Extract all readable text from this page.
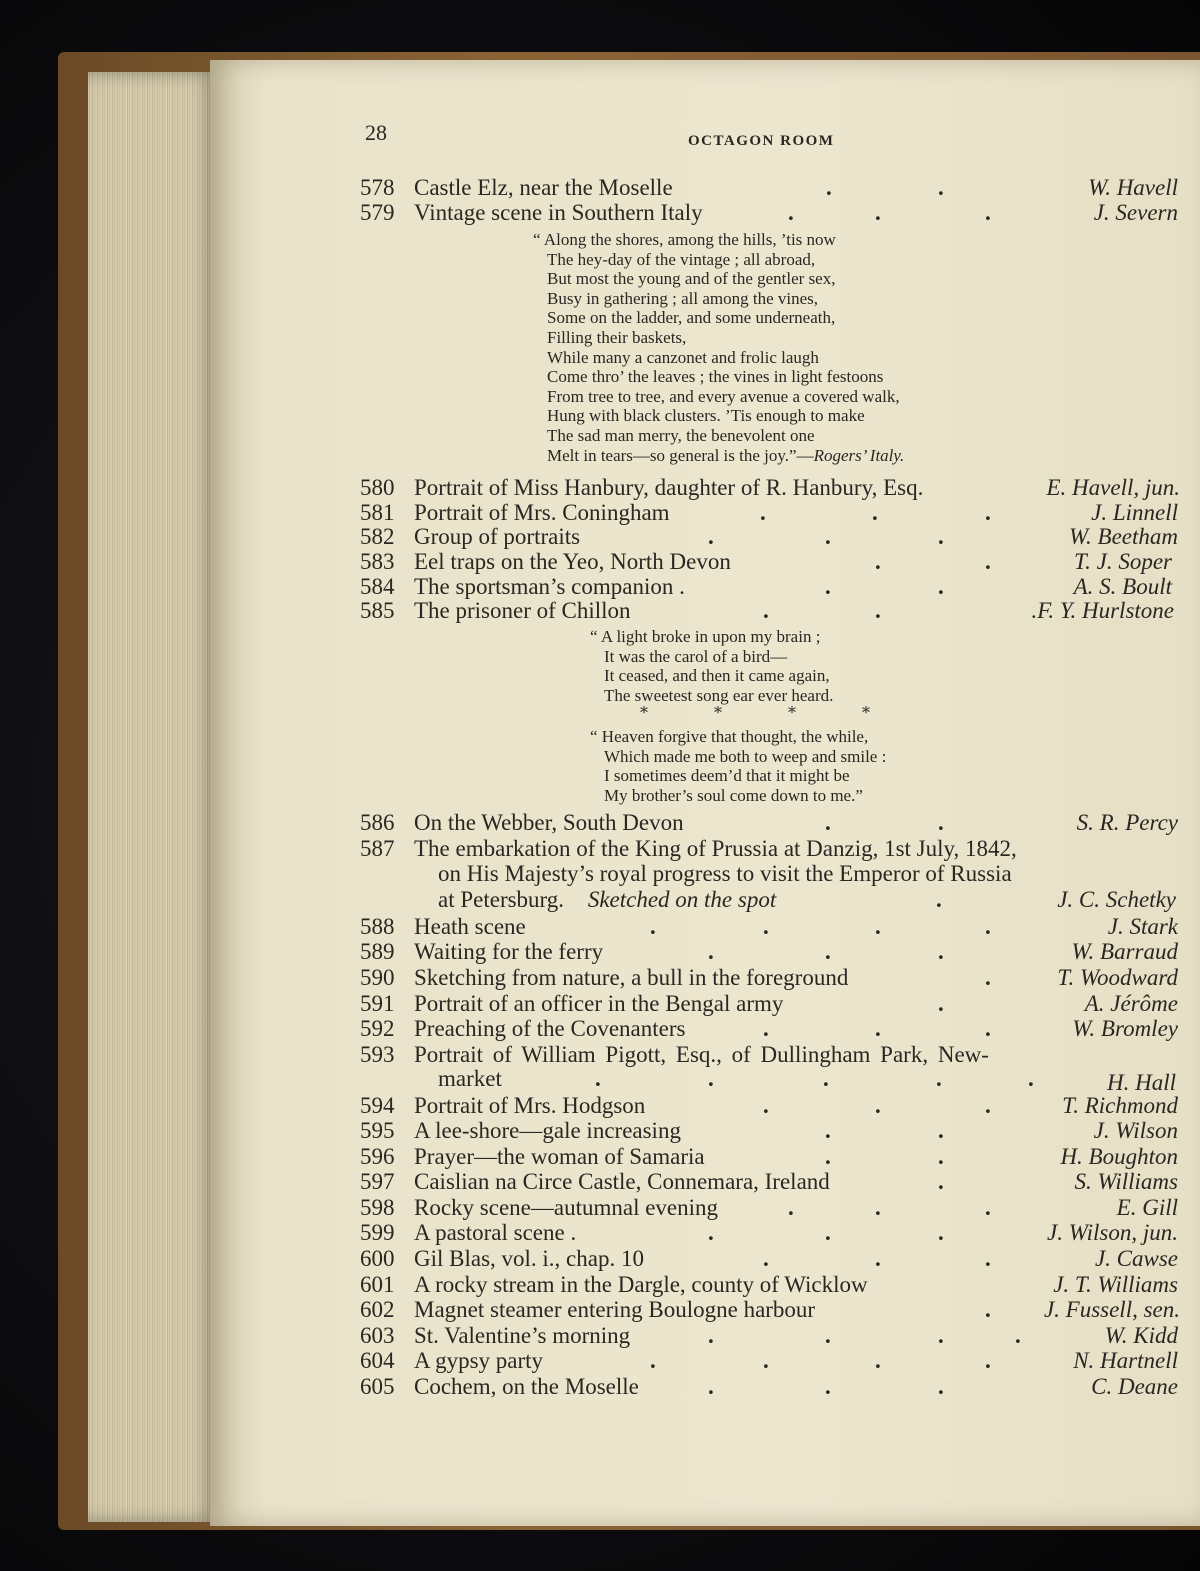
28	OCTAGON ROOM
578 Castle Elz, near the Moselle	.	.	W. Havell
579 Vintage scene in Southern Italy	.	.	.	J. Severn
“ Along the shores, among the hills, ’tis now
The hey-day of the vintage ; all abroad,
But most the young and of the gentler sex,
Busy in gathering ; all among the vines,
Some on the ladder, and some underneath,
Filling their baskets,
While many a canzonet and frolic laugh
Come thro’ the leaves ; the vines in light festoons
From tree to tree, and every avenue a covered walk,
Hung with black clusters. ’Tis enough to make
The sad man merry, the benevolent one
Melt in tears—so general is the joy.”—Rogers’ Italy.
580 Portrait of Miss Hanbury, daughter of R. Hanbury, Esq.	E. Havell, jun.
581 Portrait of Mrs. Coningham	.	.	.	J. Linnell
582 Group of portraits	.	.	.	W. Beetham
583 Eel traps on the Yeo, North Devon	.	.	T. J. Soper
584 The sportsman’s companion .	.	.	A. S. Boult
585 The prisoner of Chillon	.	.	.F. Y. Hurlstone
“ A light broke in upon my brain ;
It was the carol of a bird—
It ceased, and then it came again,
The sweetest song ear ever heard.
*	*	*	*
“ Heaven forgive that thought, the while,
Which made me both to weep and smile :
I sometimes deem’d that it might be
My brother’s soul come down to me.”
586 On the Webber, South Devon	.	.	S. R. Percy
587 The embarkation of the King of Prussia at Danzig, 1st July, 1842,
on His Majesty’s royal progress to visit the Emperor of Russia
at Petersburg. Sketched on the spot	.	J. C. Schetky
588 Heath scene	.	.	.	.	J. Stark
589 Waiting for the ferry	.	.	.	W. Barraud
590 Sketching from nature, a bull in the foreground	.	T. Woodward
591 Portrait of an officer in the Bengal army	.	A. Jérôme
592 Preaching of the Covenanters	.	.	.	W. Bromley
593 Portrait of William Pigott, Esq., of Dullingham Park, New-
market	.	.	.	.	.	H. Hall
594 Portrait of Mrs. Hodgson	.	.	.	T. Richmond
595 A lee-shore—gale increasing	.	.	J. Wilson
596 Prayer—the woman of Samaria	.	.	H. Boughton
597 Caislian na Circe Castle, Connemara, Ireland	.	S. Williams
598 Rocky scene—autumnal evening	.	.	.	E. Gill
599 A pastoral scene .	.	.	.	J. Wilson, jun.
600 Gil Blas, vol. i., chap. 10	.	.	.	J. Cawse
601 A rocky stream in the Dargle, county of Wicklow	J. T. Williams
602 Magnet steamer entering Boulogne harbour	. J. Fussell, sen.
603 St. Valentine’s morning	.	.	.	.	W. Kidd
604 A gypsy party	.	.	.	.	N. Hartnell
605 Cochem, on the Moselle	.	.	.	C. Deane
